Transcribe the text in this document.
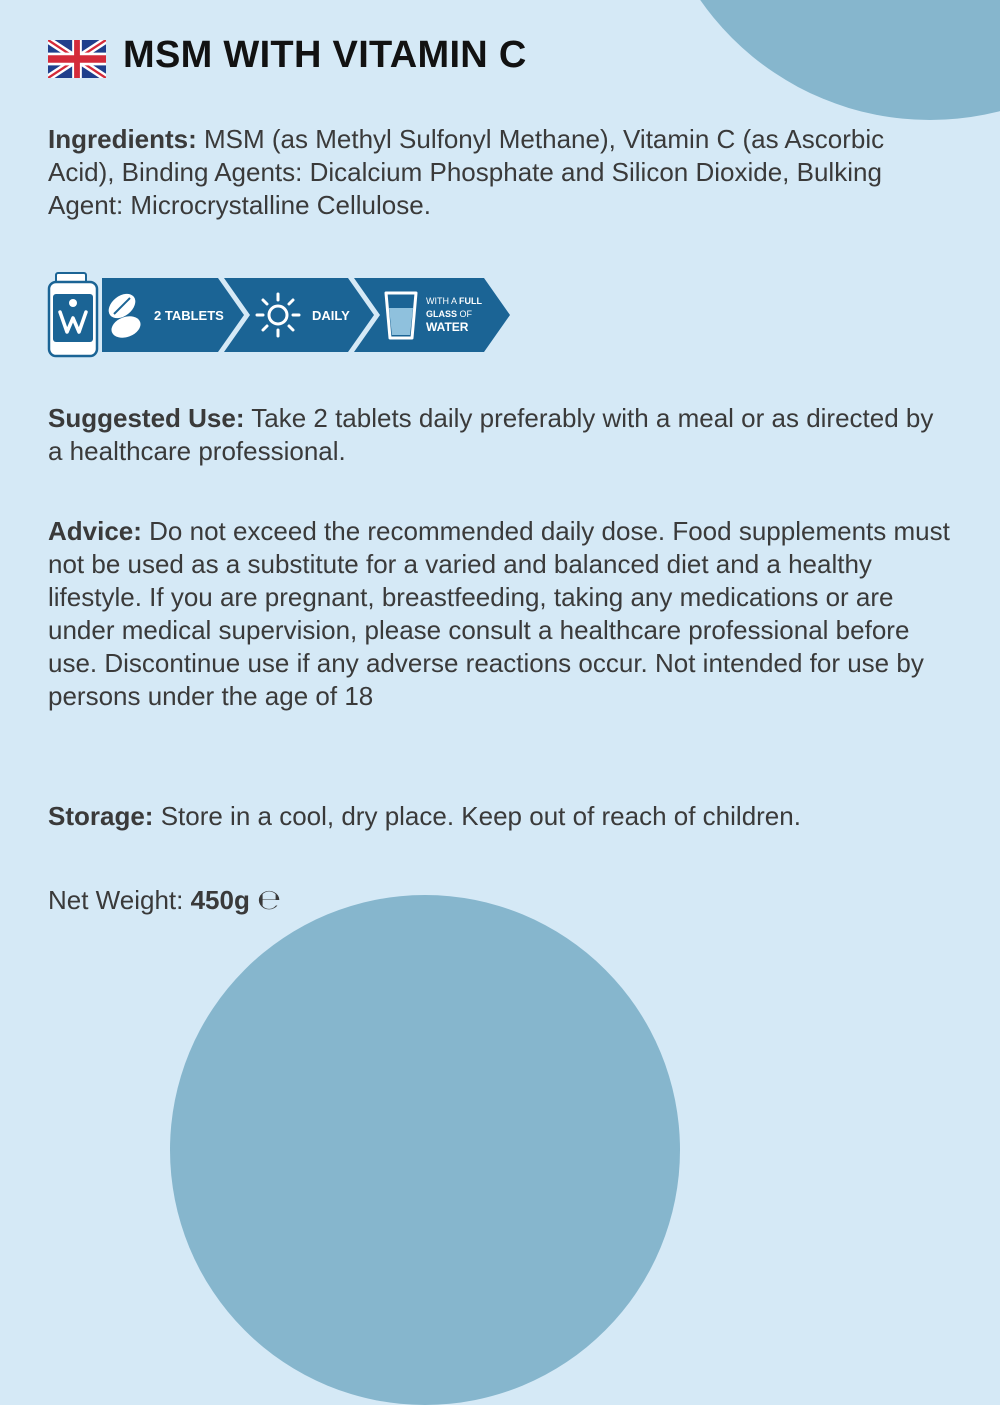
MSM WITH VITAMIN C

Ingredients: MSM (as Methyl Sulfonyl Methane), Vitamin C (as Ascorbic Acid), Binding Agents: Dicalcium Phosphate and Silicon Dioxide, Bulking Agent: Microcrystalline Cellulose.

2 TABLETS	DAILY
WITH A FULL
GLASS OF
WATER

Suggested Use: Take 2 tablets daily preferably with a meal or as directed by a healthcare professional.

Advice: Do not exceed the recommended daily dose. Food supplements must not be used as a substitute for a varied and balanced diet and a healthy lifestyle. If you are pregnant, breastfeeding, taking any medications or are under medical supervision, please consult a healthcare professional before use. Discontinue use if any adverse reactions occur. Not intended for use by persons under the age of 18

Storage: Store in a cool, dry place. Keep out of reach of children.

Net Weight: 450g ℮
